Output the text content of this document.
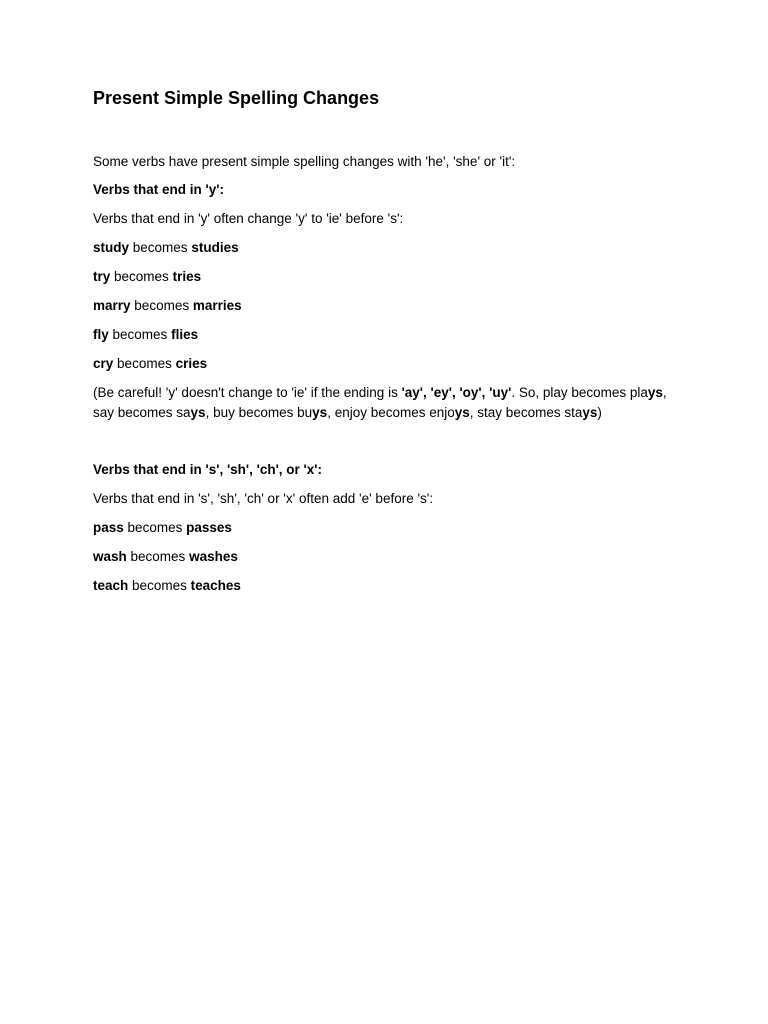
Present Simple Spelling Changes

Some verbs have present simple spelling changes with 'he', 'she' or 'it':

Verbs that end in 'y':

Verbs that end in 'y' often change 'y' to 'ie' before 's':

study becomes studies

try becomes tries

marry becomes marries

fly becomes flies

cry becomes cries

(Be careful! 'y' doesn't change to 'ie' if the ending is 'ay', 'ey', 'oy', 'uy'. So, play becomes plays, say becomes says, buy becomes buys, enjoy becomes enjoys, stay becomes stays)

Verbs that end in 's', 'sh', 'ch', or 'x':

Verbs that end in 's', 'sh', 'ch' or 'x' often add 'e' before 's':

pass becomes passes

wash becomes washes

teach becomes teaches
